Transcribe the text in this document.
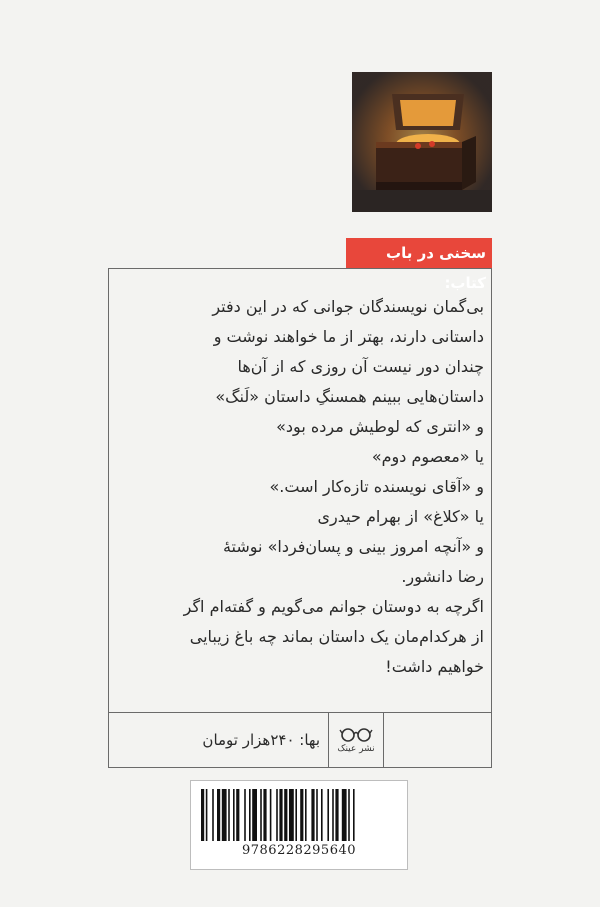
سخنی در باب کتاب:
بی‌گمان نویسندگان جوانی که در این دفتر
داستانی دارند، بهتر از ما خواهند نوشت و
چندان دور نیست آن روزی که از آن‌ها
داستان‌هایی ببینم همسنگِ داستان «لَنگ»
و «انتری که لوطیش مرده بود»
یا «معصوم دوم»
و «آقای نویسنده تازه‌کار است.»
یا «کلاغ» از بهرام حیدری
و «آنچه امروز بینی و پسان‌فردا» نوشتهٔ
رضا دانشور.
اگرچه به دوستان جوانم می‌گویم و گفته‌ام اگر
از هرکدام‌مان یک داستان بماند چه باغ زیبایی
خواهیم داشت!
نشر عینک
بها: ۲۴۰هزار تومان
9786228295640
